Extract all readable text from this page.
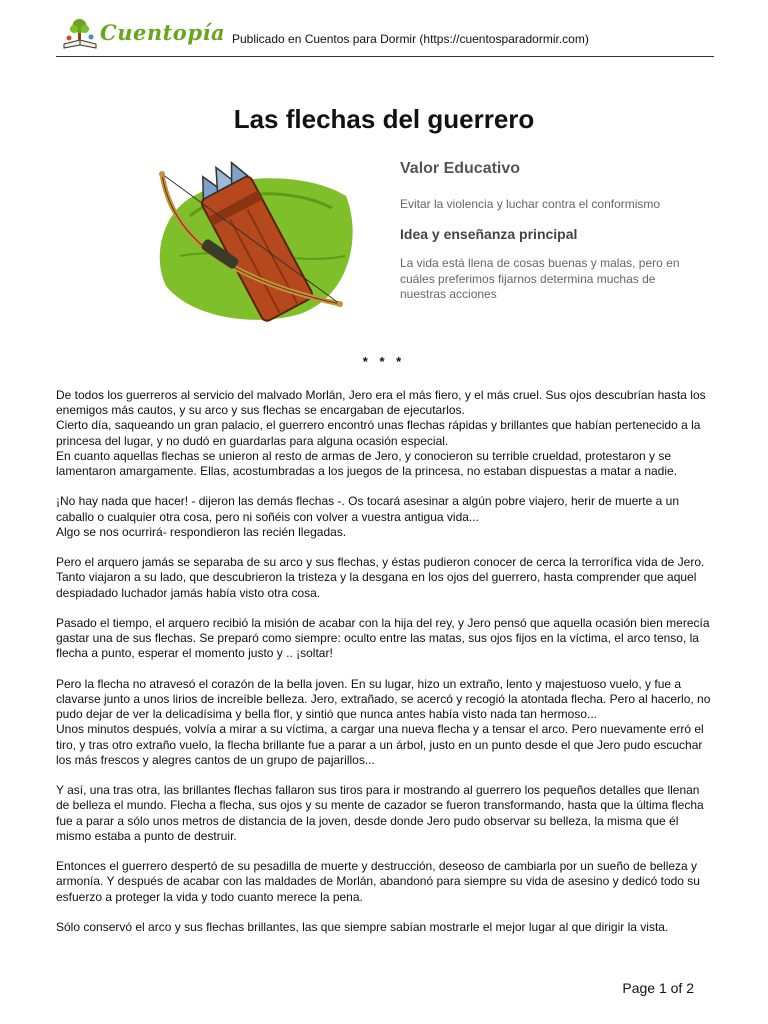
Cuentopía Publicado en Cuentos para Dormir (https://cuentosparadormir.com)
Las flechas del guerrero
Valor Educativo
Evitar la violencia y luchar contra el conformismo
Idea y enseñanza principal
La vida está llena de cosas buenas y malas, pero en cuáles preferimos fijarnos determina muchas de nuestras acciones
* * *

De todos los guerreros al servicio del malvado Morlán, Jero era el más fiero, y el más cruel. Sus ojos descubrían hasta los enemigos más cautos, y su arco y sus flechas se encargaban de ejecutarlos.

Cierto día, saqueando un gran palacio, el guerrero encontró unas flechas rápidas y brillantes que habían pertenecido a la princesa del lugar, y no dudó en guardarlas para alguna ocasión especial.

En cuanto aquellas flechas se unieron al resto de armas de Jero, y conocieron su terrible crueldad, protestaron y se lamentaron amargamente. Ellas, acostumbradas a los juegos de la princesa, no estaban dispuestas a matar a nadie.

¡No hay nada que hacer! - dijeron las demás flechas -. Os tocará asesinar a algún pobre viajero, herir de muerte a un caballo o cualquier otra cosa, pero ni soñéis con volver a vuestra antigua vida...

Algo se nos ocurrirá- respondieron las recién llegadas.

Pero el arquero jamás se separaba de su arco y sus flechas, y éstas pudieron conocer de cerca la terrorífica vida de Jero. Tanto viajaron a su lado, que descubrieron la tristeza y la desgana en los ojos del guerrero, hasta comprender que aquel despiadado luchador jamás había visto otra cosa.

Pasado el tiempo, el arquero recibió la misión de acabar con la hija del rey, y Jero pensó que aquella ocasión bien merecía gastar una de sus flechas. Se preparó como siempre: oculto entre las matas, sus ojos fijos en la víctima, el arco tenso, la flecha a punto, esperar el momento justo y .. ¡soltar!

Pero la flecha no atravesó el corazón de la bella joven. En su lugar, hizo un extraño, lento y majestuoso vuelo, y fue a clavarse junto a unos lirios de increíble belleza. Jero, extrañado, se acercó y recogió la atontada flecha. Pero al hacerlo, no pudo dejar de ver la delicadísima y bella flor, y sintió que nunca antes había visto nada tan hermoso...

Unos minutos después, volvía a mirar a su víctima, a cargar una nueva flecha y a tensar el arco. Pero nuevamente erró el tiro, y tras otro extraño vuelo, la flecha brillante fue a parar a un árbol, justo en un punto desde el que Jero pudo escuchar los más frescos y alegres cantos de un grupo de pajarillos...

Y así, una tras otra, las brillantes flechas fallaron sus tiros para ir mostrando al guerrero los pequeños detalles que llenan de belleza el mundo. Flecha a flecha, sus ojos y su mente de cazador se fueron transformando, hasta que la última flecha fue a parar a sólo unos metros de distancia de la joven, desde donde Jero pudo observar su belleza, la misma que él mismo estaba a punto de destruir.

Entonces el guerrero despertó de su pesadilla de muerte y destrucción, deseoso de cambiarla por un sueño de belleza y armonía. Y después de acabar con las maldades de Morlán, abandonó para siempre su vida de asesino y dedicó todo su esfuerzo a proteger la vida y todo cuanto merece la pena.

Sólo conservó el arco y sus flechas brillantes, las que siempre sabían mostrarle el mejor lugar al que dirigir la vista.

Page 1 of 2
